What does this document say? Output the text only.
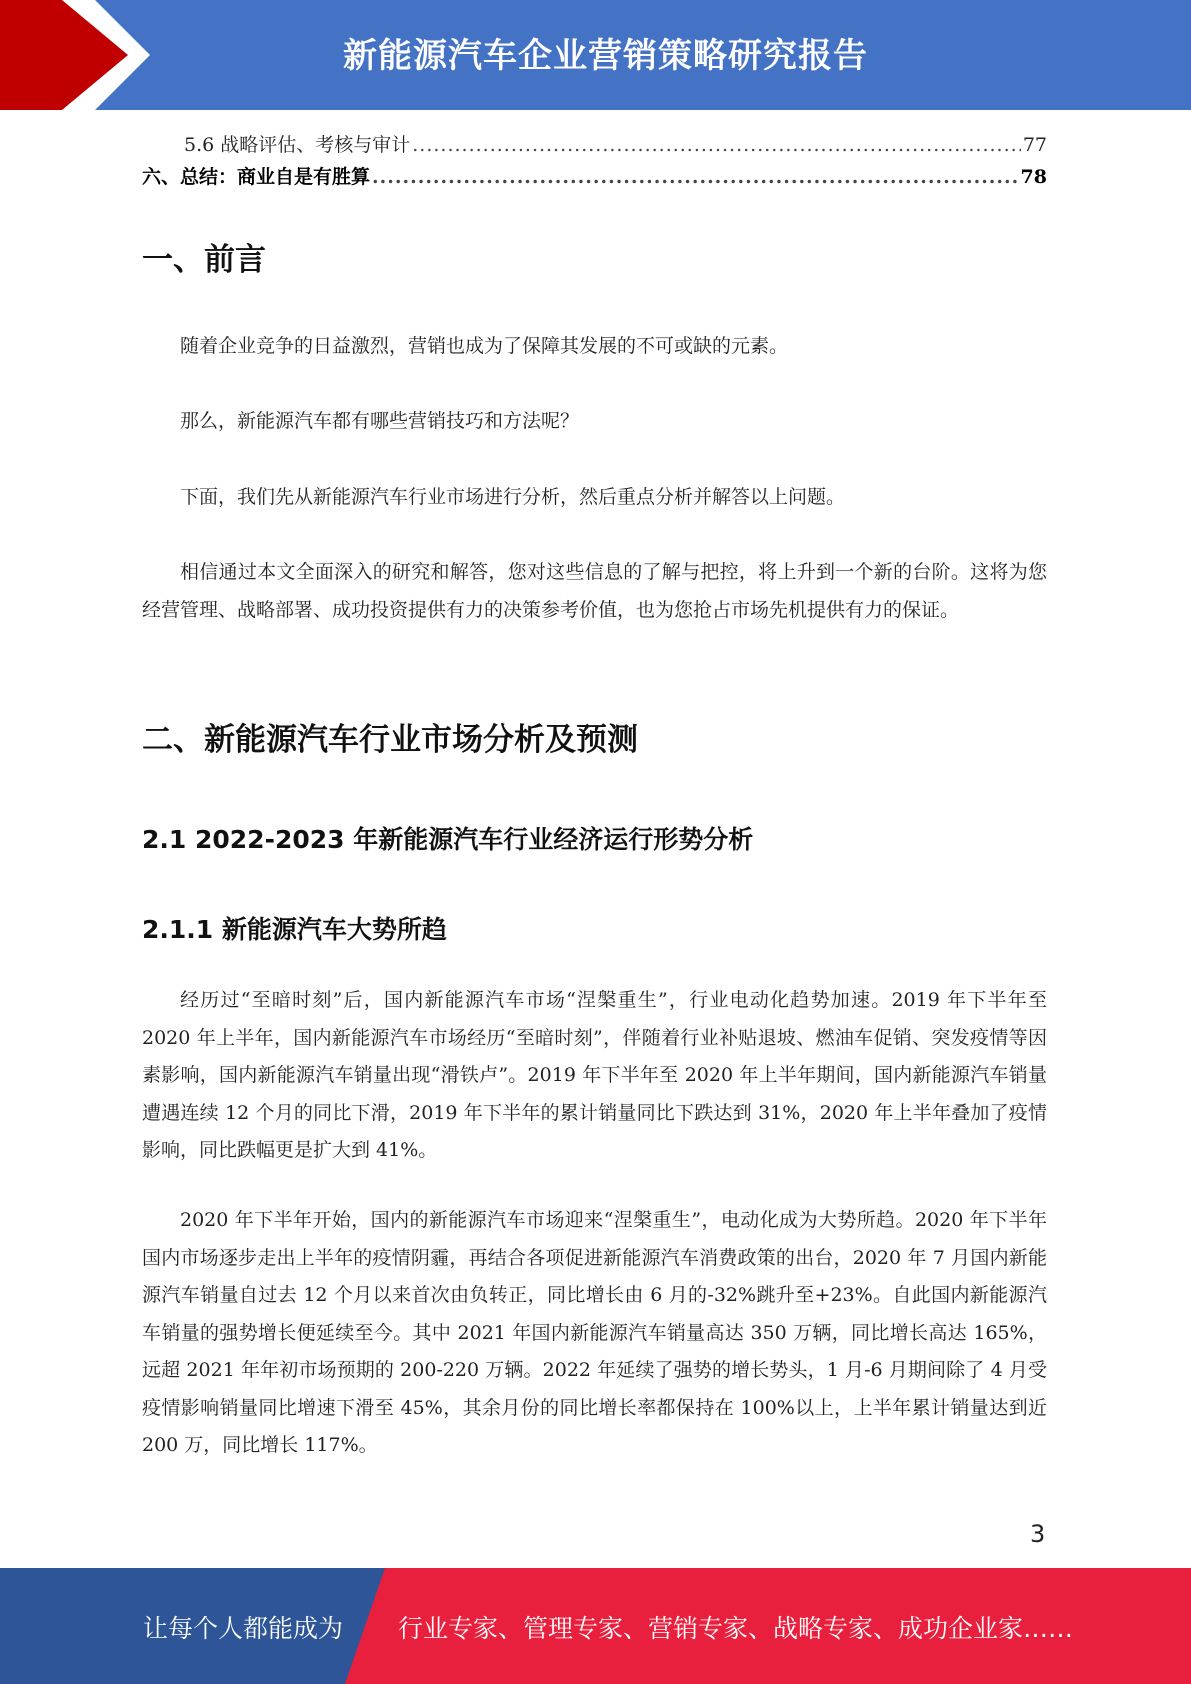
新能源汽车企业营销策略研究报告
5.6 战略评估、考核与审计 .....	77
六、总结：商业自是有胜算 .....	78
一、前言

随着企业竞争的日益激烈，营销也成为了保障其发展的不可或缺的元素。

那么，新能源汽车都有哪些营销技巧和方法呢？

下面，我们先从新能源汽车行业市场进行分析，然后重点分析并解答以上问题。

相信通过本文全面深入的研究和解答，您对这些信息的了解与把控，将上升到一个新的台阶。这将为您经营管理、战略部署、成功投资提供有力的决策参考价值，也为您抢占市场先机提供有力的保证。

二、新能源汽车行业市场分析及预测
2.1 2022-2023 年新能源汽车行业经济运行形势分析
2.1.1 新能源汽车大势所趋

经历过“至暗时刻”后，国内新能源汽车市场“涅槃重生”，行业电动化趋势加速。2019 年下半年至 2020 年上半年，国内新能源汽车市场经历“至暗时刻”，伴随着行业补贴退坡、燃油车促销、突发疫情等因素影响，国内新能源汽车销量出现“滑铁卢”。2019 年下半年至 2020 年上半年期间，国内新能源汽车销量遭遇连续 12 个月的同比下滑，2019 年下半年的累计销量同比下跌达到 31%，2020 年上半年叠加了疫情影响，同比跌幅更是扩大到 41%。

2020 年下半年开始，国内的新能源汽车市场迎来“涅槃重生”，电动化成为大势所趋。2020 年下半年国内市场逐步走出上半年的疫情阴霾，再结合各项促进新能源汽车消费政策的出台，2020 年 7 月国内新能源汽车销量自过去 12 个月以来首次由负转正，同比增长由 6 月的-32%跳升至+23%。自此国内新能源汽车销量的强势增长便延续至今。其中 2021 年国内新能源汽车销量高达 350 万辆，同比增长高达 165%，远超 2021 年年初市场预期的 200-220 万辆。2022 年延续了强势的增长势头，1 月-6 月期间除了 4 月受疫情影响销量同比增速下滑至 45%，其余月份的同比增长率都保持在 100%以上，上半年累计销量达到近 200 万，同比增长 117%。

3
让每个人都能成为 行业专家、管理专家、营销专家、战略专家、成功企业家……
